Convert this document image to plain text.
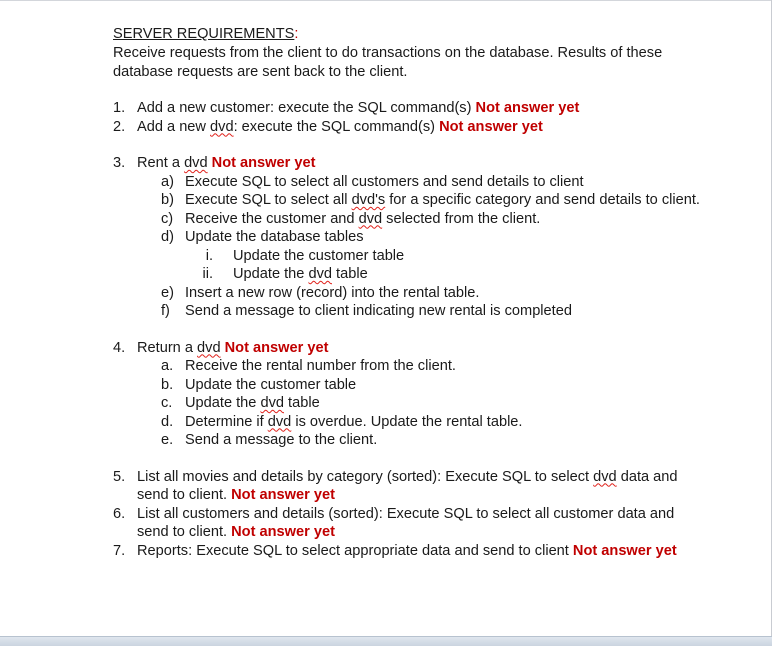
SERVER REQUIREMENTS:
Receive requests from the client to do transactions on the database. Results of these database requests are sent back to the client.
1. Add a new customer: execute the SQL command(s) Not answer yet
2. Add a new dvd: execute the SQL command(s) Not answer yet
3. Rent a dvd Not answer yet
a) Execute SQL to select all customers and send details to client
b) Execute SQL to select all dvd's for a specific category and send details to client.
c) Receive the customer and dvd selected from the client.
d) Update the database tables
i. Update the customer table
ii. Update the dvd table
e) Insert a new row (record) into the rental table.
f) Send a message to client indicating new rental is completed
4. Return a dvd Not answer yet
a. Receive the rental number from the client.
b. Update the customer table
c. Update the dvd table
d. Determine if dvd is overdue. Update the rental table.
e. Send a message to the client.
5. List all movies and details by category (sorted): Execute SQL to select dvd data and send to client. Not answer yet
6. List all customers and details (sorted): Execute SQL to select all customer data and send to client. Not answer yet
7. Reports: Execute SQL to select appropriate data and send to client Not answer yet
